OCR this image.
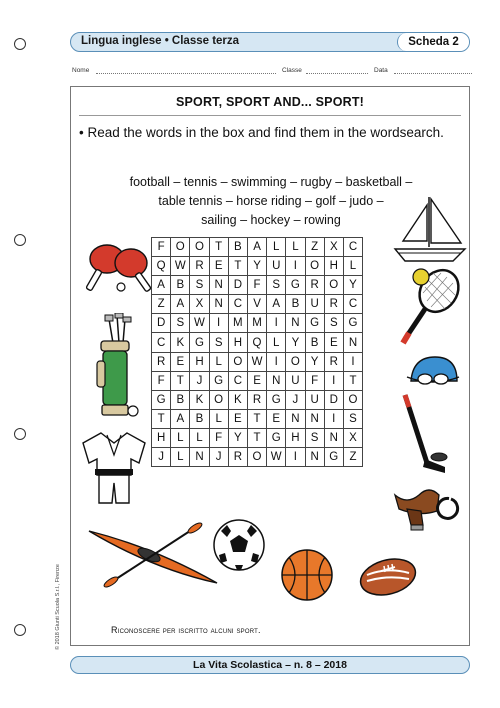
Lingua inglese • Classe terza	Scheda 2
Nome	Classe	Data
SPORT, SPORT AND... SPORT!
• Read the words in the box and find them in the wordsearch.
football – tennis – swimming – rugby – basketball –
table tennis – horse riding – golf – judo –
sailing – hockey – rowing
F	O	O	T	B	A	L	L	Z	X	C
Q	W	R	E	T	Y	U	I	O	H	L
A	B	S	N	D	F	S	G	R	O	Y
Z	A	X	N	C	V	A	B	U	R	C
D	S	W	I	M	M	I	N	G	S	G
C	K	G	S	H	Q	L	Y	B	E	N
R	E	H	L	O	W	I	O	Y	R	I
F	T	J	G	C	E	N	U	F	I	T
G	B	K	O	K	R	G	J	U	D	O
T	A	B	L	E	T	E	N	N	I	S
H	L	L	F	Y	T	G	H	S	N	X
J	L	N	J	R	O	W	I	N	G	Z
Riconoscere per iscritto alcuni sport.
© 2018 Giunti Scuola S.r.l., Firenze
La Vita Scolastica – n. 8 – 2018
